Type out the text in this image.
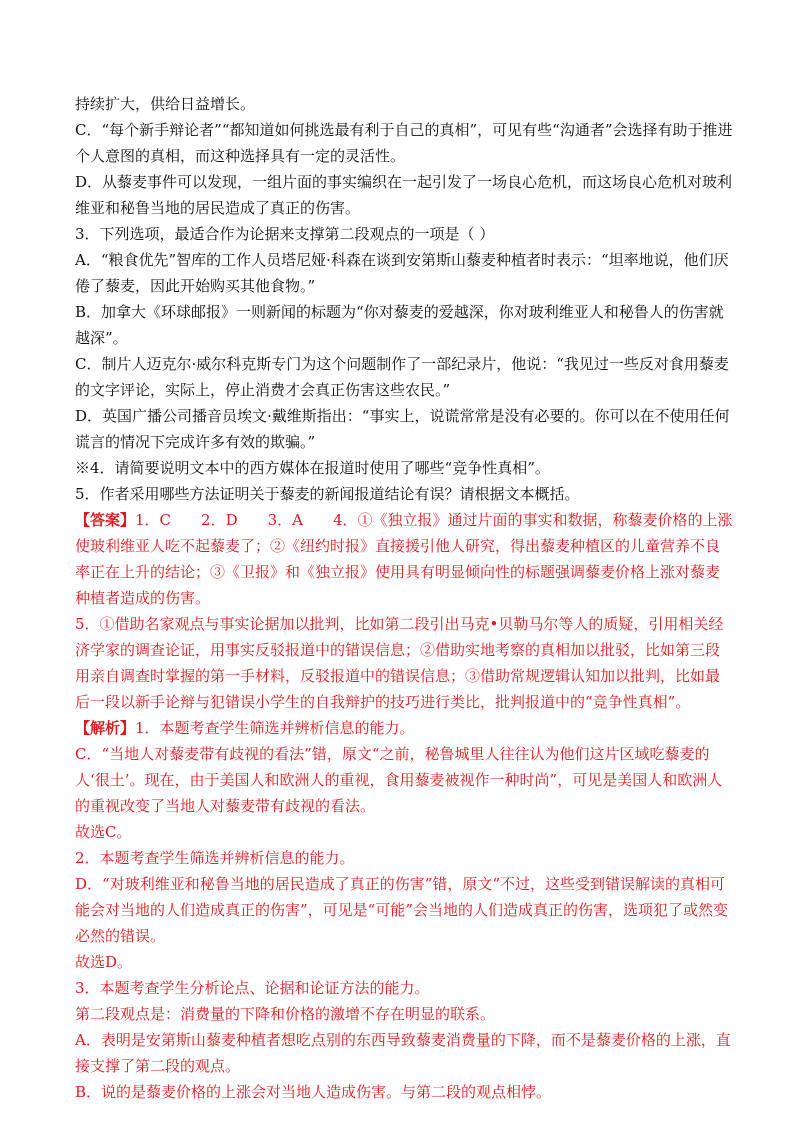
持续扩大，供给日益增长。

C．“每个新手辩论者”“都知道如何挑选最有利于自己的真相”，可见有些“沟通者”会选择有助于推进个人意图的真相，而这种选择具有一定的灵活性。

D．从藜麦事件可以发现，一组片面的事实编织在一起引发了一场良心危机，而这场良心危机对玻利维亚和秘鲁当地的居民造成了真正的伤害。

3．下列选项，最适合作为论据来支撑第二段观点的一项是（ ）

A．“粮食优先”智库的工作人员塔尼娅·科森在谈到安第斯山藜麦种植者时表示：“坦率地说，他们厌倦了藜麦，因此开始购买其他食物。”

B．加拿大《环球邮报》一则新闻的标题为“你对藜麦的爱越深，你对玻利维亚人和秘鲁人的伤害就越深”。

C．制片人迈克尔·威尔科克斯专门为这个问题制作了一部纪录片，他说：“我见过一些反对食用藜麦的文字评论，实际上，停止消费才会真正伤害这些农民。”

D．英国广播公司播音员埃文·戴维斯指出：“事实上，说谎常常是没有必要的。你可以在不使用任何谎言的情况下完成许多有效的欺骗。”

※4．请简要说明文本中的西方媒体在报道时使用了哪些“竞争性真相”。

5．作者采用哪些方法证明关于藜麦的新闻报道结论有误？请根据文本概括。

【答案】1．C　　2．D　　3．A　　4．①《独立报》通过片面的事实和数据，称藜麦价格的上涨使玻利维亚人吃不起藜麦了；②《纽约时报》直接援引他人研究，得出藜麦种植区的儿童营养不良率正在上升的结论；③《卫报》和《独立报》使用具有明显倾向性的标题强调藜麦价格上涨对藜麦种植者造成的伤害。

5．①借助名家观点与事实论据加以批判，比如第二段引出马克•贝勒马尔等人的质疑，引用相关经济学家的调查论证，用事实反驳报道中的错误信息；②借助实地考察的真相加以批驳，比如第三段用亲自调查时掌握的第一手材料，反驳报道中的错误信息；③借助常规逻辑认知加以批判，比如最后一段以新手论辩与犯错误小学生的自我辩护的技巧进行类比，批判报道中的“竞争性真相”。

【解析】1．本题考查学生筛选并辨析信息的能力。

C．“当地人对藜麦带有歧视的看法”错，原文“之前，秘鲁城里人往往认为他们这片区域吃藜麦的人‘很土’。现在，由于美国人和欧洲人的重视，食用藜麦被视作一种时尚”，可见是美国人和欧洲人的重视改变了当地人对藜麦带有歧视的看法。

故选C。

2．本题考查学生筛选并辨析信息的能力。

D．“对玻利维亚和秘鲁当地的居民造成了真正的伤害”错，原文“不过，这些受到错误解读的真相可能会对当地的人们造成真正的伤害”，可见是“可能”会当地的人们造成真正的伤害，选项犯了或然变必然的错误。

故选D。

3．本题考查学生分析论点、论据和论证方法的能力。

第二段观点是：消费量的下降和价格的激增不存在明显的联系。

A．表明是安第斯山藜麦种植者想吃点别的东西导致藜麦消费量的下降，而不是藜麦价格的上涨，直接支撑了第二段的观点。

B．说的是藜麦价格的上涨会对当地人造成伤害。与第二段的观点相悖。
